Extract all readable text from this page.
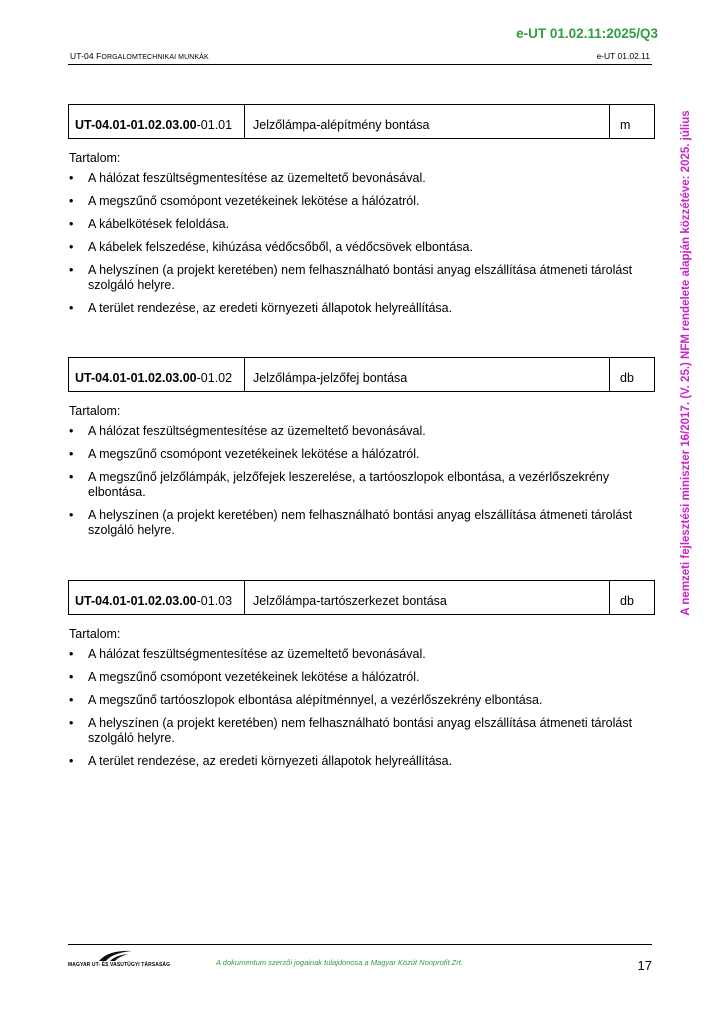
e-UT 01.02.11:2025/Q3
UT-04 FORGALOMTECHNIKAI MUNKÁK	e-UT 01.02.11
A nemzeti fejlesztési miniszter 16/2017. (V. 25.) NFM rendelete alapján közzétéve: 2025. július
UT-04.01-01.02.03.00 -01.01	Jelzőlámpa-alépítmény bontása	m
Tartalom:
• A hálózat feszültségmentesítése az üzemeltető bevonásával.
• A megszűnő csomópont vezetékeinek lekötése a hálózatról.
• A kábelkötések feloldása.
• A kábelek felszedése, kihúzása védőcsőből, a védőcsövek elbontása.
• A helyszínen (a projekt keretében) nem felhasználható bontási anyag elszállítása átmeneti tárolást szolgáló helyre.
• A terület rendezése, az eredeti környezeti állapotok helyreállítása.
UT-04.01-01.02.03.00 -01.02	Jelzőlámpa-jelzőfej bontása	db
Tartalom:
• A hálózat feszültségmentesítése az üzemeltető bevonásával.
• A megszűnő csomópont vezetékeinek lekötése a hálózatról.
• A megszűnő jelzőlámpák, jelzőfejek leszerelése, a tartóoszlopok elbontása, a vezérlőszekrény elbontása.
• A helyszínen (a projekt keretében) nem felhasználható bontási anyag elszállítása átmeneti tárolást szolgáló helyre.
UT-04.01-01.02.03.00 -01.03	Jelzőlámpa-tartószerkezet bontása	db
Tartalom:
• A hálózat feszültségmentesítése az üzemeltető bevonásával.
• A megszűnő csomópont vezetékeinek lekötése a hálózatról.
• A megszűnő tartóoszlopok elbontása alépítménnyel, a vezérlőszekrény elbontása.
• A helyszínen (a projekt keretében) nem felhasználható bontási anyag elszállítása átmeneti tárolást szolgáló helyre.
• A terület rendezése, az eredeti környezeti állapotok helyreállítása.
MAGYAR UT- ÉS VASUTÜGYI TÁRSASÁG	A dokumentum szerzői jogainak tulajdonosa a Magyar Közút Nonprofit Zrt.	17
